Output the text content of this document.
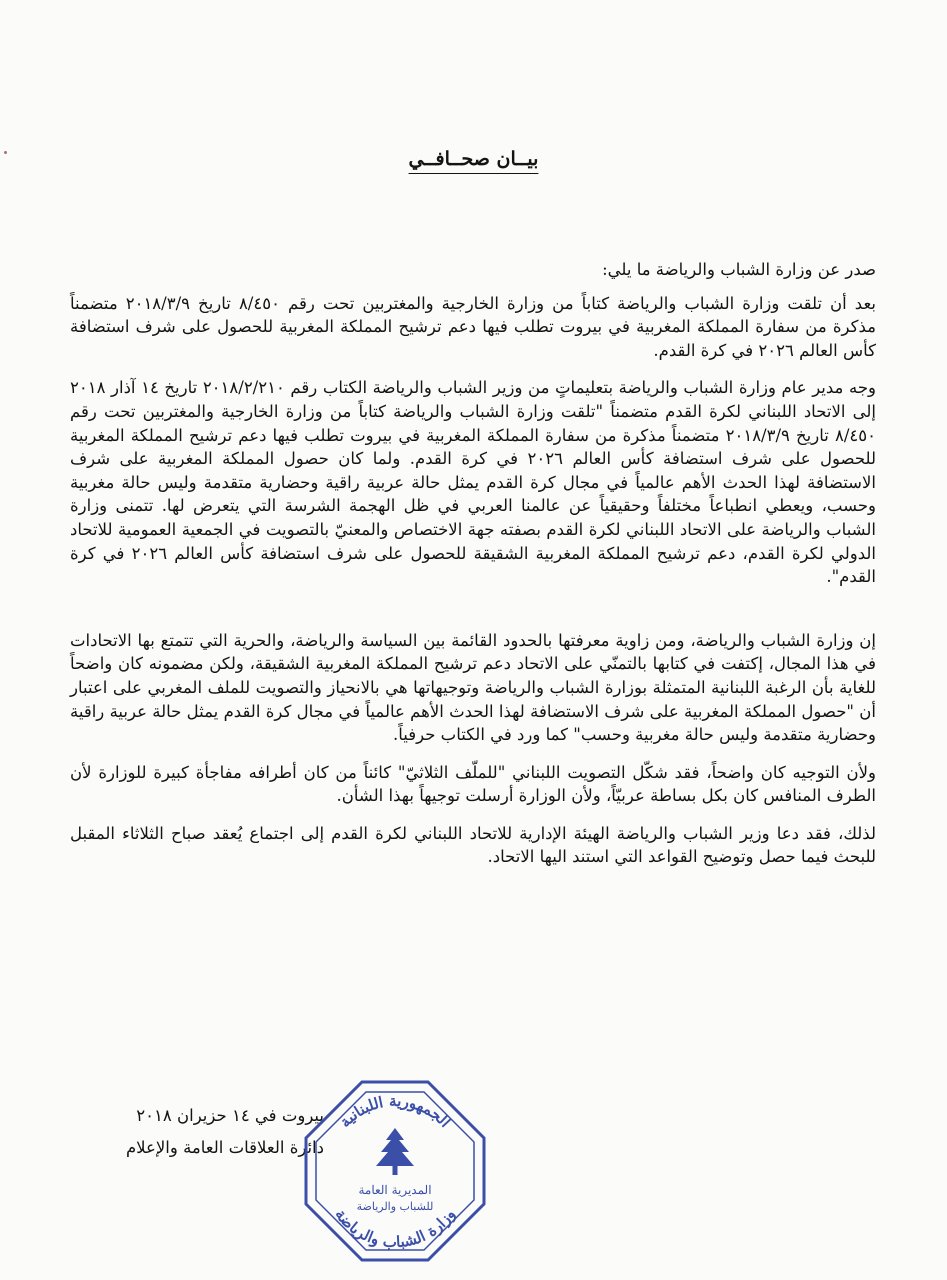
بيــان صحــافــي

صدر عن وزارة الشباب والرياضة ما يلي:

بعد أن تلقت وزارة الشباب والرياضة كتاباً من وزارة الخارجية والمغتربين تحت رقم ٨/٤٥٠ تاريخ ٢٠١٨/٣/٩ متضمناً مذكرة من سفارة المملكة المغربية في بيروت تطلب فيها دعم ترشيح المملكة المغربية للحصول على شرف استضافة كأس العالم ٢٠٢٦ في كرة القدم.

وجه مدير عام وزارة الشباب والرياضة بتعليماتٍ من وزير الشباب والرياضة الكتاب رقم ٢٠١٨/٢/٢١٠ تاريخ ١٤ آذار ٢٠١٨ إلى الاتحاد اللبناني لكرة القدم متضمناً "تلقت وزارة الشباب والرياضة كتاباً من وزارة الخارجية والمغتربين تحت رقم ٨/٤٥٠ تاريخ ٢٠١٨/٣/٩ متضمناً مذكرة من سفارة المملكة المغربية في بيروت تطلب فيها دعم ترشيح المملكة المغربية للحصول على شرف استضافة كأس العالم ٢٠٢٦ في كرة القدم. ولما كان حصول المملكة المغربية على شرف الاستضافة لهذا الحدث الأهم عالمياً في مجال كرة القدم يمثل حالة عربية راقية وحضارية متقدمة وليس حالة مغربية وحسب، ويعطي انطباعاً مختلفاً وحقيقياً عن عالمنا العربي في ظل الهجمة الشرسة التي يتعرض لها. تتمنى وزارة الشباب والرياضة على الاتحاد اللبناني لكرة القدم بصفته جهة الاختصاص والمعنيّ بالتصويت في الجمعية العمومية للاتحاد الدولي لكرة القدم، دعم ترشيح المملكة المغربية الشقيقة للحصول على شرف استضافة كأس العالم ٢٠٢٦ في كرة القدم".

إن وزارة الشباب والرياضة، ومن زاوية معرفتها بالحدود القائمة بين السياسة والرياضة، والحرية التي تتمتع بها الاتحادات في هذا المجال، إكتفت في كتابها بالتمنّي على الاتحاد دعم ترشيح المملكة المغربية الشقيقة، ولكن مضمونه كان واضحاً للغاية بأن الرغبة اللبنانية المتمثلة بوزارة الشباب والرياضة وتوجيهاتها هي بالانحياز والتصويت للملف المغربي على اعتبار أن "حصول المملكة المغربية على شرف الاستضافة لهذا الحدث الأهم عالمياً في مجال كرة القدم يمثل حالة عربية راقية وحضارية متقدمة وليس حالة مغربية وحسب" كما ورد في الكتاب حرفياً.

ولأن التوجيه كان واضحاً، فقد شكّل التصويت اللبناني "للملّف الثلاثيّ" كائناً من كان أطرافه مفاجأة كبيرة للوزارة لأن الطرف المنافس كان بكل بساطة عربيّاً، ولأن الوزارة أرسلت توجيهاً بهذا الشأن.

لذلك، فقد دعا وزير الشباب والرياضة الهيئة الإدارية للاتحاد اللبناني لكرة القدم إلى اجتماع يُعقد صباح الثلاثاء المقبل للبحث فيما حصل وتوضيح القواعد التي استند اليها الاتحاد.

بيروت في ١٤ حزيران ٢٠١٨
دائرة العلاقات العامة والإعلام
الجمهورية اللبنانية
وزارة الشباب والرياضة
المديرية العامة
للشباب والرياضة
